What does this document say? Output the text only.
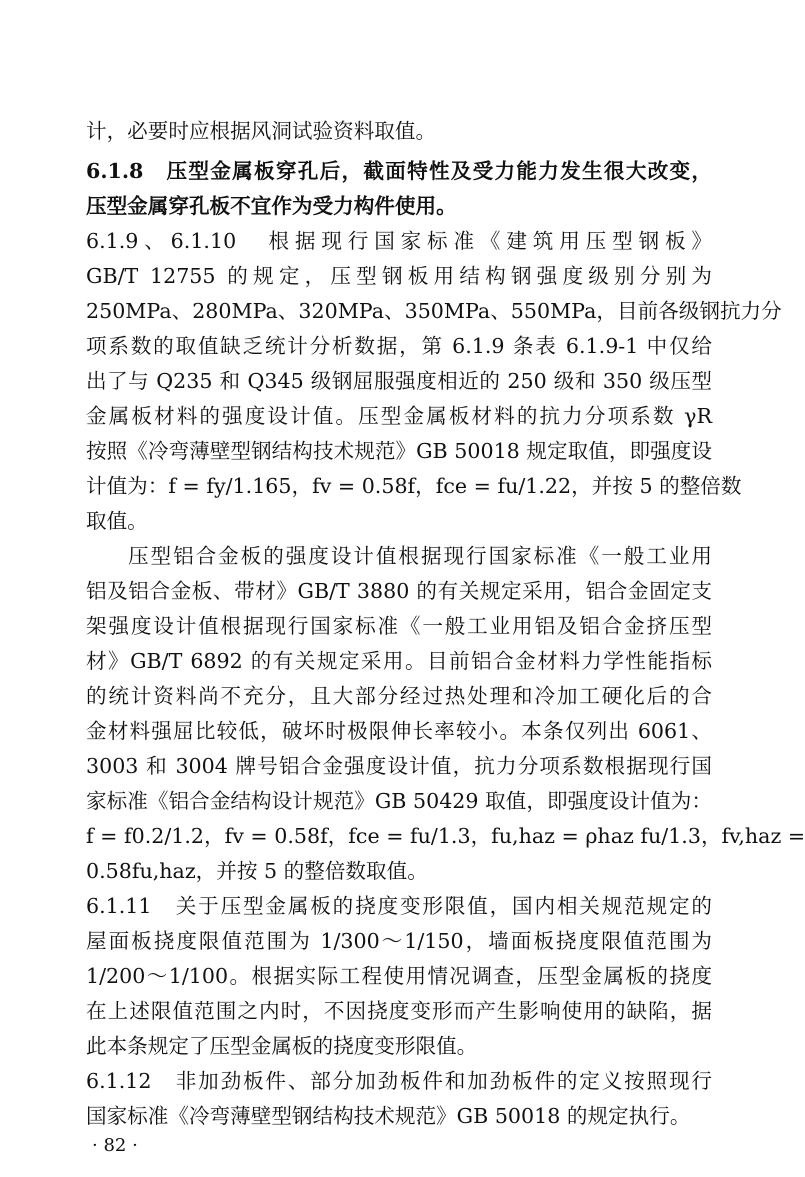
计，必要时应根据风洞试验资料取值。
6.1.8　压型金属板穿孔后，截面特性及受力能力发生很大改变，
压型金属穿孔板不宜作为受力构件使用。
6.1.9、6.1.10　根据现行国家标准《建筑用压型钢板》
GB/T 12755 的规定，压型钢板用结构钢强度级别分别为
250MPa、280MPa、320MPa、350MPa、550MPa，目前各级钢抗力分
项系数的取值缺乏统计分析数据，第 6.1.9 条表 6.1.9-1 中仅给
出了与 Q235 和 Q345 级钢屈服强度相近的 250 级和 350 级压型
金属板材料的强度设计值。压型金属板材料的抗力分项系数 γR
按照《冷弯薄壁型钢结构技术规范》GB 50018 规定取值，即强度设
计值为：f = fy/1.165，fv = 0.58f，fce = fu/1.22，并按 5 的整倍数
取值。
压型铝合金板的强度设计值根据现行国家标准《一般工业用
铝及铝合金板、带材》GB/T 3880 的有关规定采用，铝合金固定支
架强度设计值根据现行国家标准《一般工业用铝及铝合金挤压型
材》GB/T 6892 的有关规定采用。目前铝合金材料力学性能指标
的统计资料尚不充分，且大部分经过热处理和冷加工硬化后的合
金材料强屈比较低，破坏时极限伸长率较小。本条仅列出 6061、
3003 和 3004 牌号铝合金强度设计值，抗力分项系数根据现行国
家标准《铝合金结构设计规范》GB 50429 取值，即强度设计值为：
f = f0.2/1.2，fv = 0.58f，fce = fu/1.3，fu,haz = ρhaz fu/1.3，fv,haz =
0.58fu,haz，并按 5 的整倍数取值。
6.1.11　关于压型金属板的挠度变形限值，国内相关规范规定的
屋面板挠度限值范围为 1/300～1/150，墙面板挠度限值范围为
1/200～1/100。根据实际工程使用情况调查，压型金属板的挠度
在上述限值范围之内时，不因挠度变形而产生影响使用的缺陷，据
此本条规定了压型金属板的挠度变形限值。
6.1.12　非加劲板件、部分加劲板件和加劲板件的定义按照现行
国家标准《冷弯薄壁型钢结构技术规范》GB 50018 的规定执行。
· 82 ·
